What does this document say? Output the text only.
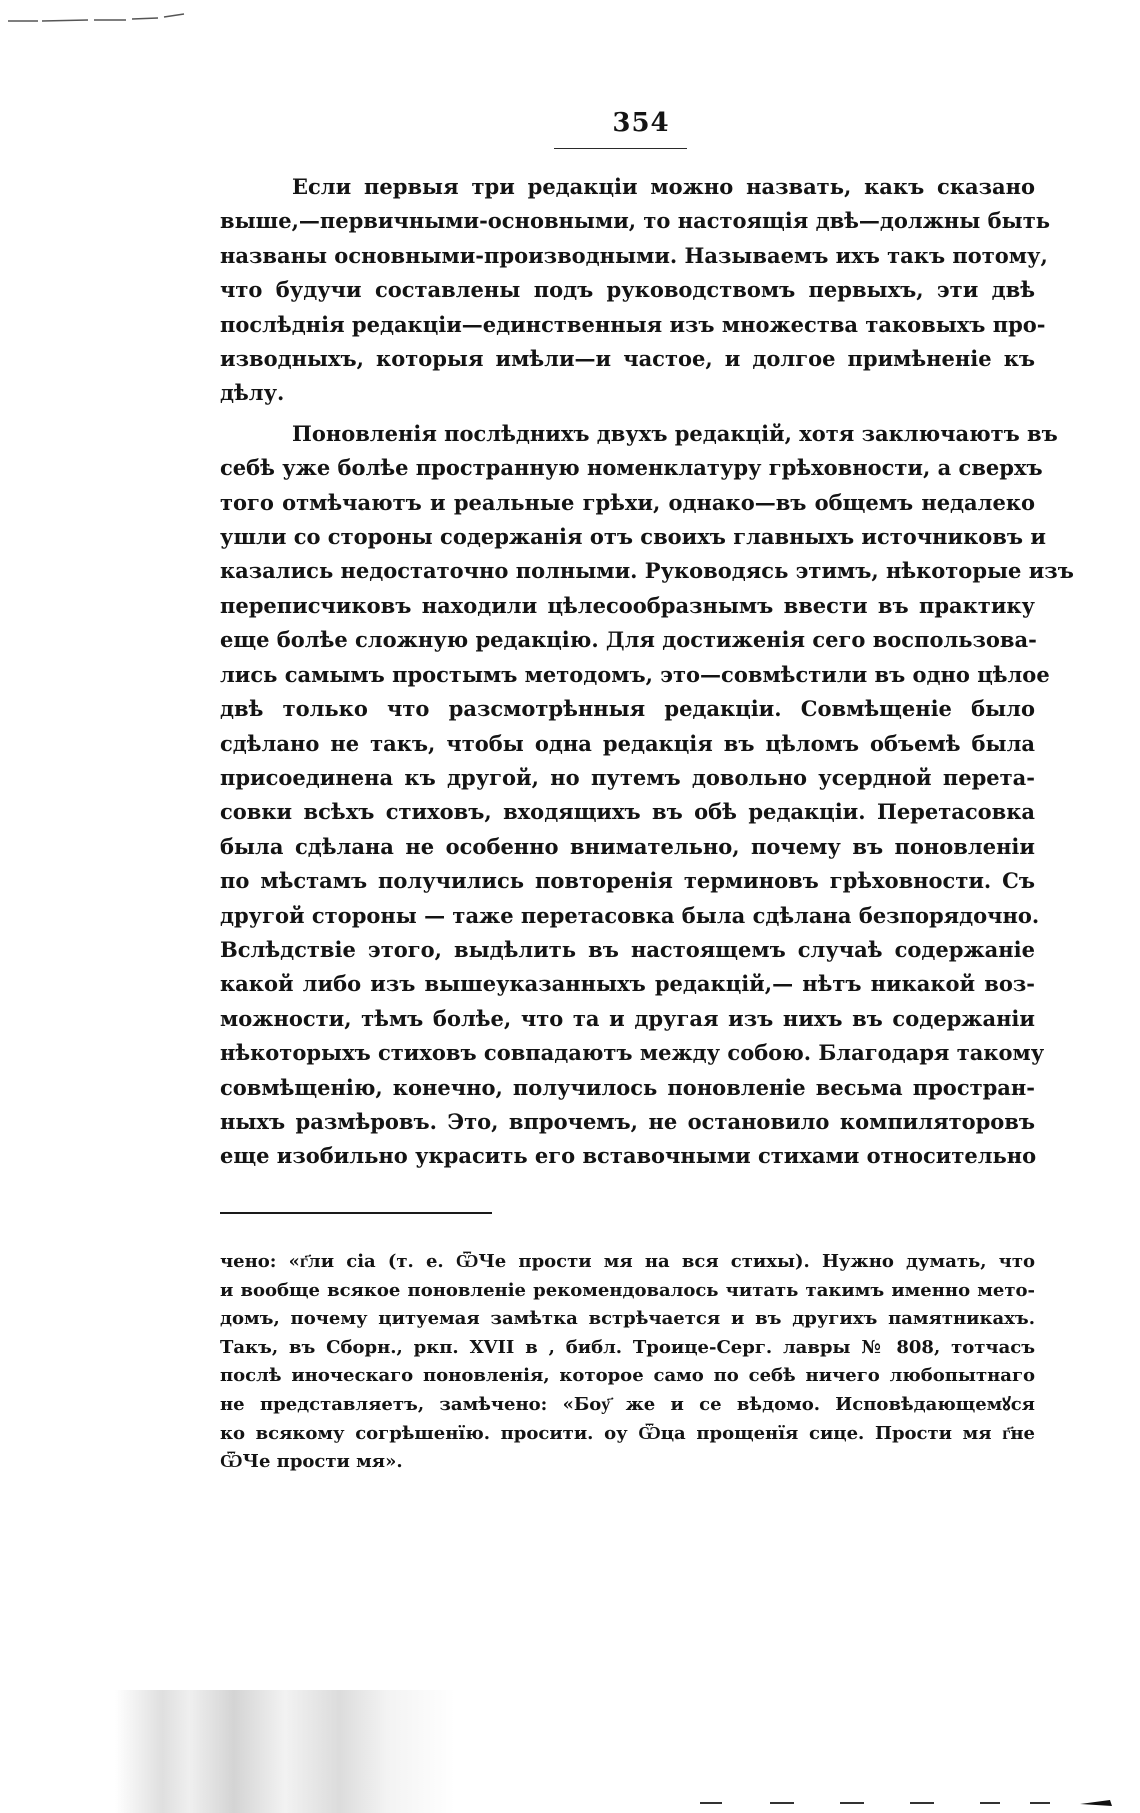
354
Если первыя три редакціи можно назвать, какъ сказано
выше,—первичными-основными, то настоящія двѣ—должны быть
названы основными-производными. Называемъ ихъ такъ потому,
что будучи составлены подъ руководствомъ первыхъ, эти двѣ
послѣднія редакціи—единственныя изъ множества таковыхъ про-
изводныхъ, которыя имѣли—и частое, и долгое примѣненіе къ
дѣлу.
Поновленія послѣднихъ двухъ редакцій, хотя заключаютъ въ
себѣ уже болѣе пространную номенклатуру грѣховности, а сверхъ
того отмѣчаютъ и реальные грѣхи, однако—въ общемъ недалеко
ушли со стороны содержанія отъ своихъ главныхъ источниковъ и
казались недостаточно полными. Руководясь этимъ, нѣкоторые изъ
переписчиковъ находили цѣлесообразнымъ ввести въ практику
еще болѣе сложную редакцію. Для достиженія сего воспользова-
лись самымъ простымъ методомъ, это—совмѣстили въ одно цѣлое
двѣ только что разсмотрѣнныя редакціи. Совмѣщеніе было
сдѣлано не такъ, чтобы одна редакція въ цѣломъ объемѣ была
присоединена къ другой, но путемъ довольно усердной перета-
совки всѣхъ стиховъ, входящихъ въ обѣ редакціи. Перетасовка
была сдѣлана не особенно внимательно, почему въ поновленіи
по мѣстамъ получились повторенія терминовъ грѣховности. Съ
другой стороны — таже перетасовка была сдѣлана безпорядочно.
Вслѣдствіе этого, выдѣлить въ настоящемъ случаѣ содержаніе
какой либо изъ вышеуказанныхъ редакцій,— нѣтъ никакой воз-
можности, тѣмъ болѣе, что та и другая изъ нихъ въ содержаніи
нѣкоторыхъ стиховъ совпадаютъ между собою. Благодаря такому
совмѣщенію, конечно, получилось поновленіе весьма простран-
ныхъ размѣровъ. Это, впрочемъ, не остановило компиляторовъ
еще изобильно украсить его вставочными стихами относительно
чено: «г҃ли сіа (т. е. ѾЧе прости мя на вся стихы). Нужно думать, что
и вообще всякое поновленіе рекомендовалось читать такимъ именно мето-
домъ, почему цитуемая замѣтка встрѣчается и въ другихъ памятникахъ.
Такъ, въ Сборн., ркп. XVII в , библ. Троице-Серг. лавры № 808, тотчасъ
послѣ иноческаго поновленія, которое само по себѣ ничего любопытнаго
не представляетъ, замѣчено: «Боу҃ же и се вѣдомо. Исповѣдающемꙋся
ко всякому согрѣшенїю. просити. оу Ѿца прощенїя сице. Прости мя г҃не
ѾЧе прости мя».
